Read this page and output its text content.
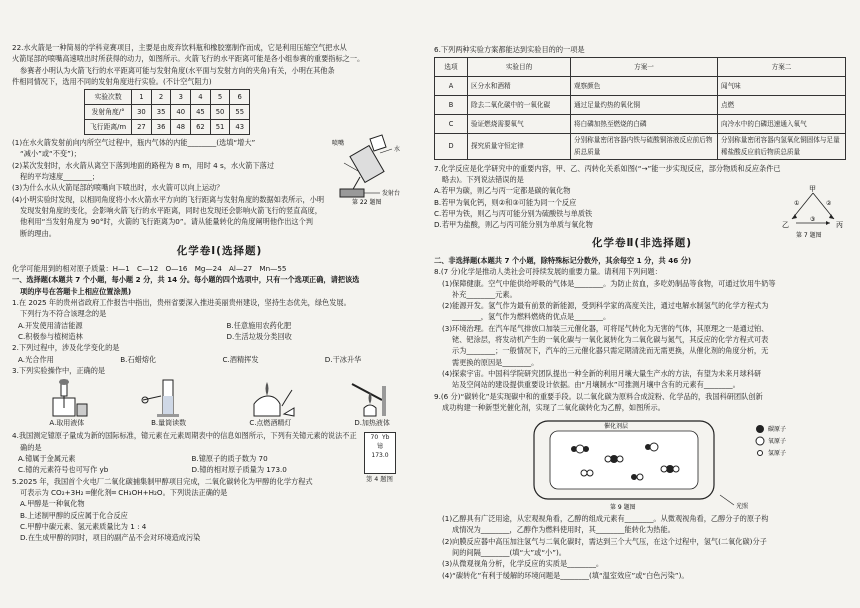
22.水火箭是一种简易的学科竞赛项目，主要是由废弃饮料瓶和橡胶塞制作而成，它是利用压缩空气把水从

火箭尾部的喷嘴高速喷出时所获得的动力，如图所示。火箭飞行的水平距离可能是各小组参赛的重要指标之一。

参赛者小明认为火箭飞行的水平距离可能与发射角度(水平面与发射方向的夹角)有关，小明在其他条

件相同情况下，选用不同的发射角度进行实验。(不计空气阻力)

实验次数	1	2	3	4	5	6
发射角度/°	30	35	40	45	50	55
飞行距离/m	27	36	48	62	51	43

(1)在水火箭发射前向内所空气过程中，瓶内气体的内能________(选填“增大”

“减小”或“不变”)；

(2)某次发射时，水火箭从离空下落到地面的路程为 8 m，用时 4 s，水火箭下落过

程的平均速度________；

(3)为什么水从火箭尾部的喷嘴向下喷出时，水火箭可以向上运动？

喷嘴
水
发射台
第 22 题图

(4)小明实验时发现，以相同角度将小水火箭水平方向的飞行距离与发射角度的数据如表所示，小明

发现发射角度的变化，会影响火箭飞行的水平距离，同时也发现还会影响火箭飞行的竖直高度，

他利用“当发射角度为 90°时，火箭的飞行距离为0”。请从能量转化的角度阐明他作出这个判

断的理由。

化学卷Ⅰ(选择题)

化学可能用到的相对原子质量：H—1　C—12　O—16　Mg—24　Al—27　Mn—55

一、选择题(本题共 7 个小题，每小题 2 分，共 14 分。每小题的四个选项中，只有一个选项正确，请把该选

项的序号在答题卡上相应位置涂黑)

1.在 2025 年的贵州省政府工作报告中指出，贵州省要深入推进美丽贵州建设，坚持生态优先，绿色发展。

下列行为不符合该理念的是

A.开发使用清洁能源	B.任意施用农药化肥
C.积极参与植树造林	D.生活垃圾分类回收

2.下列过程中，涉及化学变化的是

A.光合作用	B.石蜡熔化	C.酒精挥发	D.干冰升华

3.下列实验操作中，正确的是

A.取用液体	B.量筒读数	C.点燃酒精灯	D.加热液体

4.我国测定镱原子量成为新的国际标准，镱元素在元素周期表中的信息如图所示，下列有关镱元素的说法不正

确的是

A.镱属于金属元素	B.镱原子的质子数为 70
C.镱的元素符号也可写作 yb	D.镱的相对原子质量为 173.0
70 Yb
镱
173.0
第 4 题图

5.2025 年，我国首个火电厂二氧化碳捕集制甲醇项目完成，二氧化碳转化为甲醇的化学方程式

可表示为 CO₂+3H₂ ═催化剂═ CH₃OH+H₂O。下列说法正确的是

A.甲醇是一种氧化物

B.上述制甲醇的反应属于化合反应

C.甲醇中碳元素、氢元素质量比为 1 : 4

D.在生成甲醇的同时，项目的副产品不会对环境造成污染

6.下列两种实验方案都能达到实验目的的一项是

选项	实验目的	方案一	方案二
A	区分水和酒精	观察颜色	闻气味
B	除去二氧化碳中的一氧化碳	通过足量灼热的氧化铜	点燃
C	验证燃烧需要氧气	将白磷加热至燃烧的白磷	向冷水中的白磷迅速通入氧气
D	探究质量守恒定律	分别称量密闭容器内铁与硫酸铜溶液反应前后物质总质量	分别称量密闭容器内氢氧化铜固体与足量稀盐酸反应前后物质总质量

7.化学反应是化学研究中的重要内容，甲、乙、丙转化关系如图(“→”能一步实现反应，部分物质和反应条件已

略去)。下列说法错误的是

A.若甲为碳，则乙与丙一定都是碳的氧化物

B.若甲为氧化钙，则②和③可能为同一个反应

C.若甲为铁，则乙与丙可能分别为硫酸铁与单质铁

D.若甲为盐酸，则乙与丙可能分别为单质与氧化物

甲
乙	丙
①	②
③
第 7 题图
化学卷Ⅱ(非选择题)

二、非选择题(本题共 7 个小题，除特殊标记分数外，其余每空 1 分，共 46 分)

8.(7 分)化学是推动人类社会可持续发展的重要力量。请利用下列问题：

(1)保障健康。空气中能供给呼吸的气体是________。为防止贫血，多吃奶制品等食物，可通过饮用牛奶等

补充________元素。

(2)能源开发。氢气作为最有前景的新能源，受到科学家的高度关注，通过电解水制氢气的化学方程式为

________，氢气作为燃料燃烧的优点是________。

(3)环境治理。在汽车尾气排放口加装三元催化器，可将尾气转化为无害的气体，其原理之一是通过铂、

铑、钯涂层，将发动机产生的一氧化碳与一氧化氮转化为二氧化碳与氮气，其反应的化学方程式可表

示为________；一般情况下，汽车的三元催化器只需定期清洗而无需更换，从催化剂的角度分析，无

需更换的原因是________。

(4)探索宇宙。中国科学院研究团队提出一种全新的利用月壤大量生产水的方法，有望为未来月球科研

站及空间站的建设提供重要设计依据。由“月壤制水”可推测月壤中含有的元素有________。

9.(6 分)“碳转化”是实现碳中和的重要手段。以二氧化碳为原料合成淀粉、化学品的，我国科研团队创新

成功构建一种新型光催化剂，实现了二氧化碳转化为乙醇，如图所示。

催化剂层
光照
碳原子
氧原子
氢原子
第 9 题图

(1)乙醇具有广泛用途，从宏观视角看，乙醇的组成元素有________。从微观视角看，乙醇分子的原子构

成情况为________，乙醇作为燃料使用时，其________能转化为热能。

(2)向膜反应器中高压加注氢气与二氧化碳时，需达到三个大气压，在这个过程中，氢气(二氧化碳)分子

间的间隔________(填“大”或“小”)。

(3)从微观视角分析，化学反应的实质是________。

(4)“碳转化”有利于缓解的环境问题是________(填“温室效应”或“白色污染”)。
